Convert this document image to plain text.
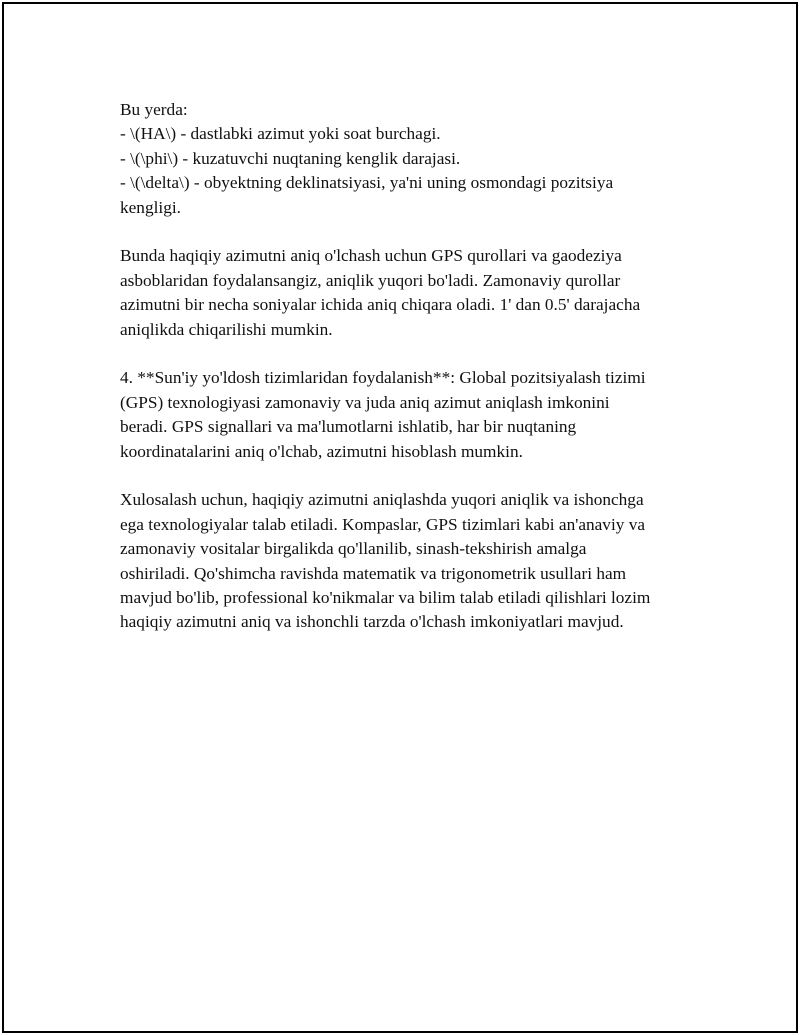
Bu yerda:
- \(HA\) - dastlabki azimut yoki soat burchagi.
- \(\phi\) - kuzatuvchi nuqtaning kenglik darajasi.
- \(\delta\) - obyektning deklinatsiyasi, ya'ni uning osmondagi pozitsiya
kengligi.
Bunda haqiqiy azimutni aniq o'lchash uchun GPS qurollari va gaodeziya
asboblaridan foydalansangiz, aniqlik yuqori bo'ladi. Zamonaviy qurollar
azimutni bir necha soniyalar ichida aniq chiqara oladi. 1' dan 0.5' darajacha
aniqlikda chiqarilishi mumkin.
4. **Sun'iy yo'ldosh tizimlaridan foydalanish**: Global pozitsiyalash tizimi
(GPS) texnologiyasi zamonaviy va juda aniq azimut aniqlash imkonini
beradi. GPS signallari va ma'lumotlarni ishlatib, har bir nuqtaning
koordinatalarini aniq o'lchab, azimutni hisoblash mumkin.
Xulosalash uchun, haqiqiy azimutni aniqlashda yuqori aniqlik va ishonchga
ega texnologiyalar talab etiladi. Kompaslar, GPS tizimlari kabi an'anaviy va
zamonaviy vositalar birgalikda qo'llanilib, sinash-tekshirish amalga
oshiriladi. Qo'shimcha ravishda matematik va trigonometrik usullari ham
mavjud bo'lib, professional ko'nikmalar va bilim talab etiladi qilishlari lozim
haqiqiy azimutni aniq va ishonchli tarzda o'lchash imkoniyatlari mavjud.
